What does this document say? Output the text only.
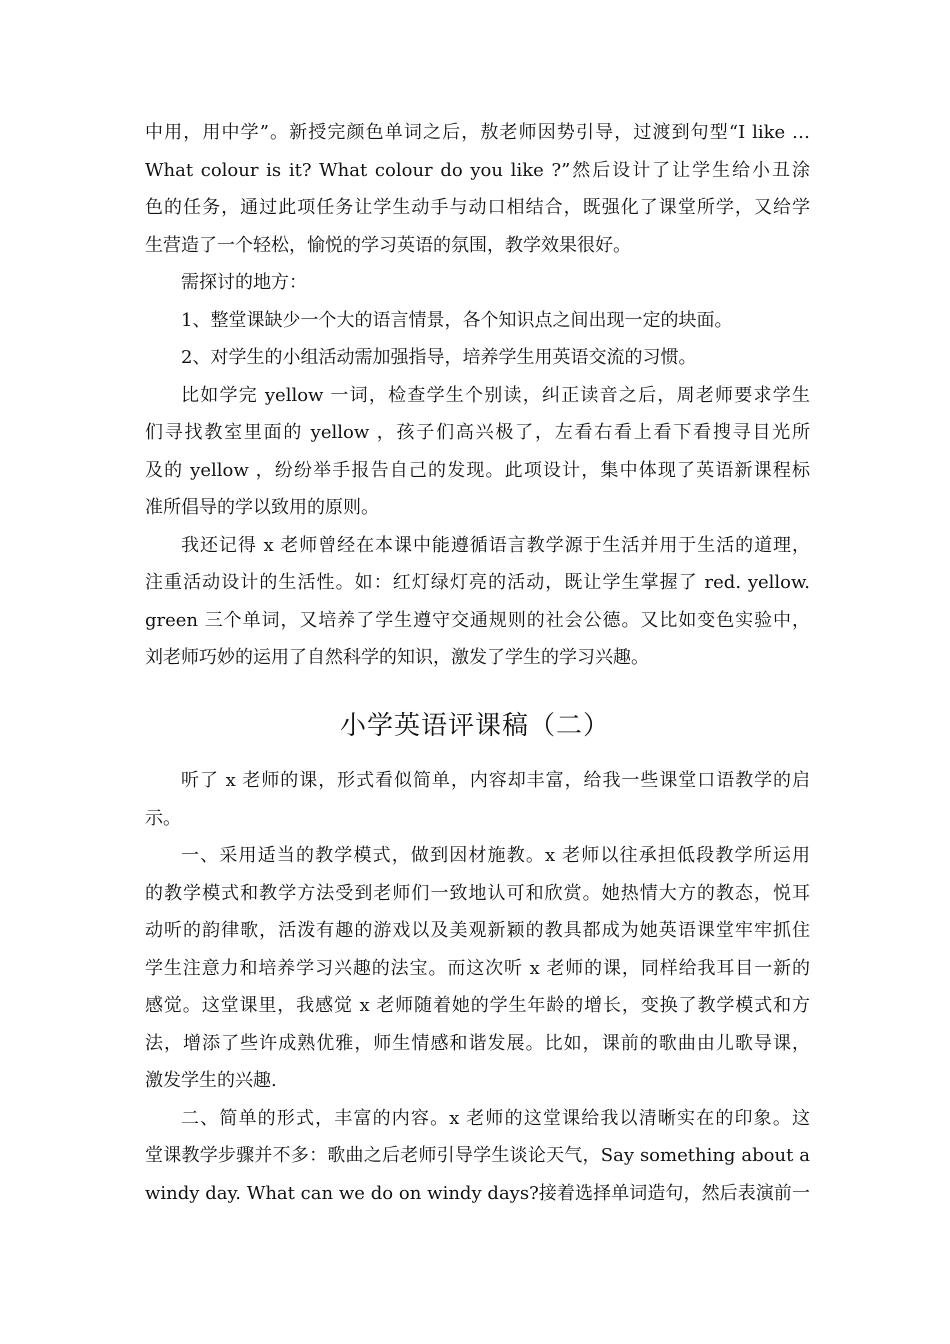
中用，用中学”。新授完颜色单词之后，敖老师因势引导，过渡到句型“I like …
What colour is it? What colour do you like ?”然后设计了让学生给小丑涂
色的任务，通过此项任务让学生动手与动口相结合，既强化了课堂所学，又给学
生营造了一个轻松，愉悦的学习英语的氛围，教学效果很好。
需探讨的地方：
1、整堂课缺少一个大的语言情景，各个知识点之间出现一定的块面。
2、对学生的小组活动需加强指导，培养学生用英语交流的习惯。
比如学完 yellow 一词，检查学生个别读，纠正读音之后，周老师要求学生
们寻找教室里面的 yellow ，孩子们高兴极了，左看右看上看下看搜寻目光所
及的 yellow ，纷纷举手报告自己的发现。此项设计，集中体现了英语新课程标
准所倡导的学以致用的原则。
我还记得 x 老师曾经在本课中能遵循语言教学源于生活并用于生活的道理，
注重活动设计的生活性。如：红灯绿灯亮的活动，既让学生掌握了 red. yellow.
green 三个单词，又培养了学生遵守交通规则的社会公德。又比如变色实验中，
刘老师巧妙的运用了自然科学的知识，激发了学生的学习兴趣。
小学英语评课稿（二）
听了 x 老师的课，形式看似简单，内容却丰富，给我一些课堂口语教学的启
示。
一、采用适当的教学模式，做到因材施教。x 老师以往承担低段教学所运用
的教学模式和教学方法受到老师们一致地认可和欣赏。她热情大方的教态，悦耳
动听的韵律歌，活泼有趣的游戏以及美观新颖的教具都成为她英语课堂牢牢抓住
学生注意力和培养学习兴趣的法宝。而这次听 x 老师的课，同样给我耳目一新的
感觉。这堂课里，我感觉 x 老师随着她的学生年龄的增长，变换了教学模式和方
法，增添了些许成熟优雅，师生情感和谐发展。比如，课前的歌曲由儿歌导课，
激发学生的兴趣.
二、简单的形式，丰富的内容。x 老师的这堂课给我以清晰实在的印象。这
堂课教学步骤并不多：歌曲之后老师引导学生谈论天气，Say something about a
windy day. What can we do on windy days?接着选择单词造句，然后表演前一
